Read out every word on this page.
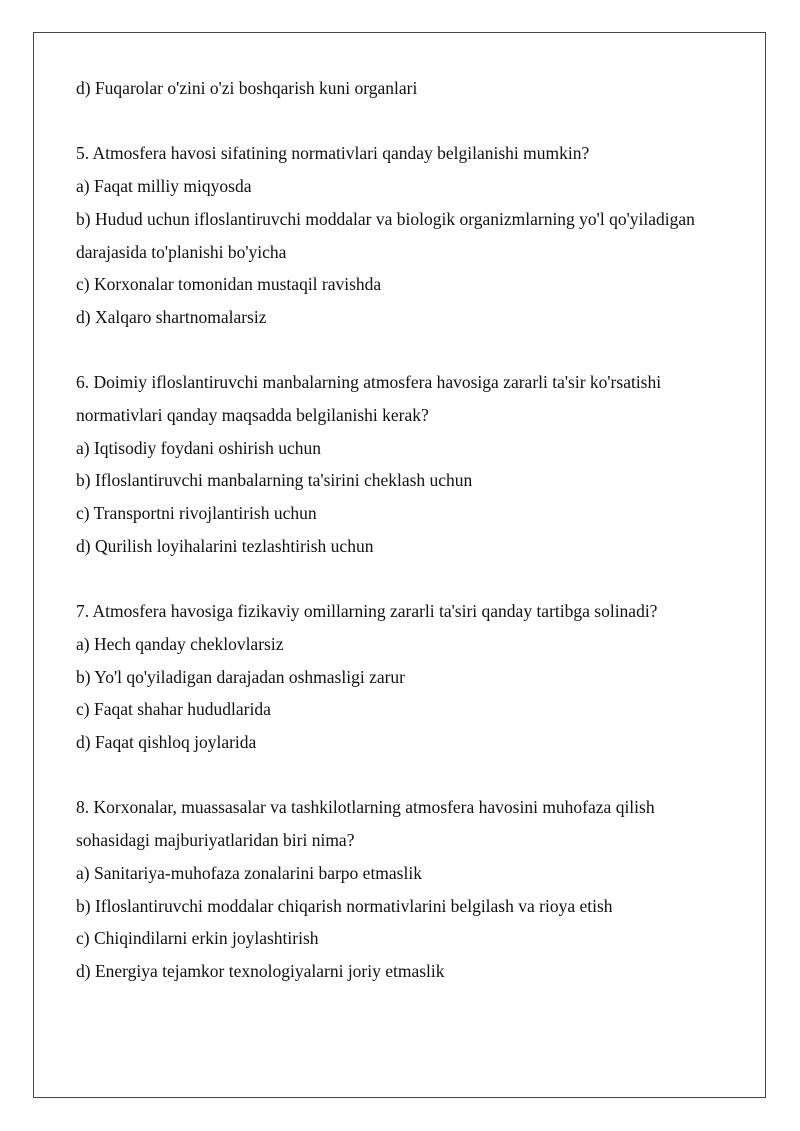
d) Fuqarolar o'zini o'zi boshqarish kuni organlari

5. Atmosfera havosi sifatining normativlari qanday belgilanishi mumkin?

a) Faqat milliy miqyosda

b) Hudud uchun ifloslantiruvchi moddalar va biologik organizmlarning yo'l qo'yiladigan darajasida to'planishi bo'yicha

c) Korxonalar tomonidan mustaqil ravishda

d) Xalqaro shartnomalarsiz

6. Doimiy ifloslantiruvchi manbalarning atmosfera havosiga zararli ta'sir ko'rsatishi normativlari qanday maqsadda belgilanishi kerak?

a) Iqtisodiy foydani oshirish uchun

b) Ifloslantiruvchi manbalarning ta'sirini cheklash uchun

c) Transportni rivojlantirish uchun

d) Qurilish loyihalarini tezlashtirish uchun

7. Atmosfera havosiga fizikaviy omillarning zararli ta'siri qanday tartibga solinadi?

a) Hech qanday cheklovlarsiz

b) Yo'l qo'yiladigan darajadan oshmasligi zarur

c) Faqat shahar hududlarida

d) Faqat qishloq joylarida

8. Korxonalar, muassasalar va tashkilotlarning atmosfera havosini muhofaza qilish sohasidagi majburiyatlaridan biri nima?

a) Sanitariya-muhofaza zonalarini barpo etmaslik

b) Ifloslantiruvchi moddalar chiqarish normativlarini belgilash va rioya etish

c) Chiqindilarni erkin joylashtirish

d) Energiya tejamkor texnologiyalarni joriy etmaslik
